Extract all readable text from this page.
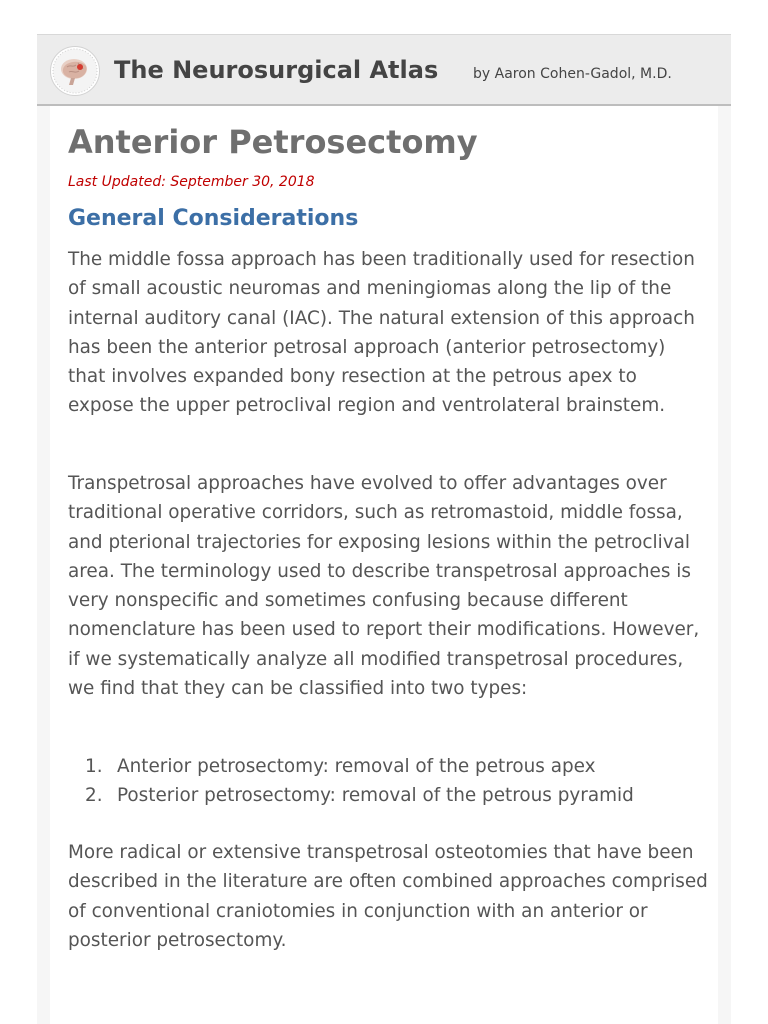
The Neurosurgical Atlas by Aaron Cohen-Gadol, M.D.
Anterior Petrosectomy
Last Updated: September 30, 2018
General Considerations

The middle fossa approach has been traditionally used for resection of small acoustic neuromas and meningiomas along the lip of the internal auditory canal (IAC). The natural extension of this approach has been the anterior petrosal approach (anterior petrosectomy) that involves expanded bony resection at the petrous apex to expose the upper petroclival region and ventrolateral brainstem.

Transpetrosal approaches have evolved to offer advantages over traditional operative corridors, such as retromastoid, middle fossa, and pterional trajectories for exposing lesions within the petroclival area. The terminology used to describe transpetrosal approaches is very nonspecific and sometimes confusing because different nomenclature has been used to report their modifications. However, if we systematically analyze all modified transpetrosal procedures, we find that they can be classified into two types:

1. Anterior petrosectomy: removal of the petrous apex
2. Posterior petrosectomy: removal of the petrous pyramid

More radical or extensive transpetrosal osteotomies that have been described in the literature are often combined approaches comprised of conventional craniotomies in conjunction with an anterior or posterior petrosectomy.
